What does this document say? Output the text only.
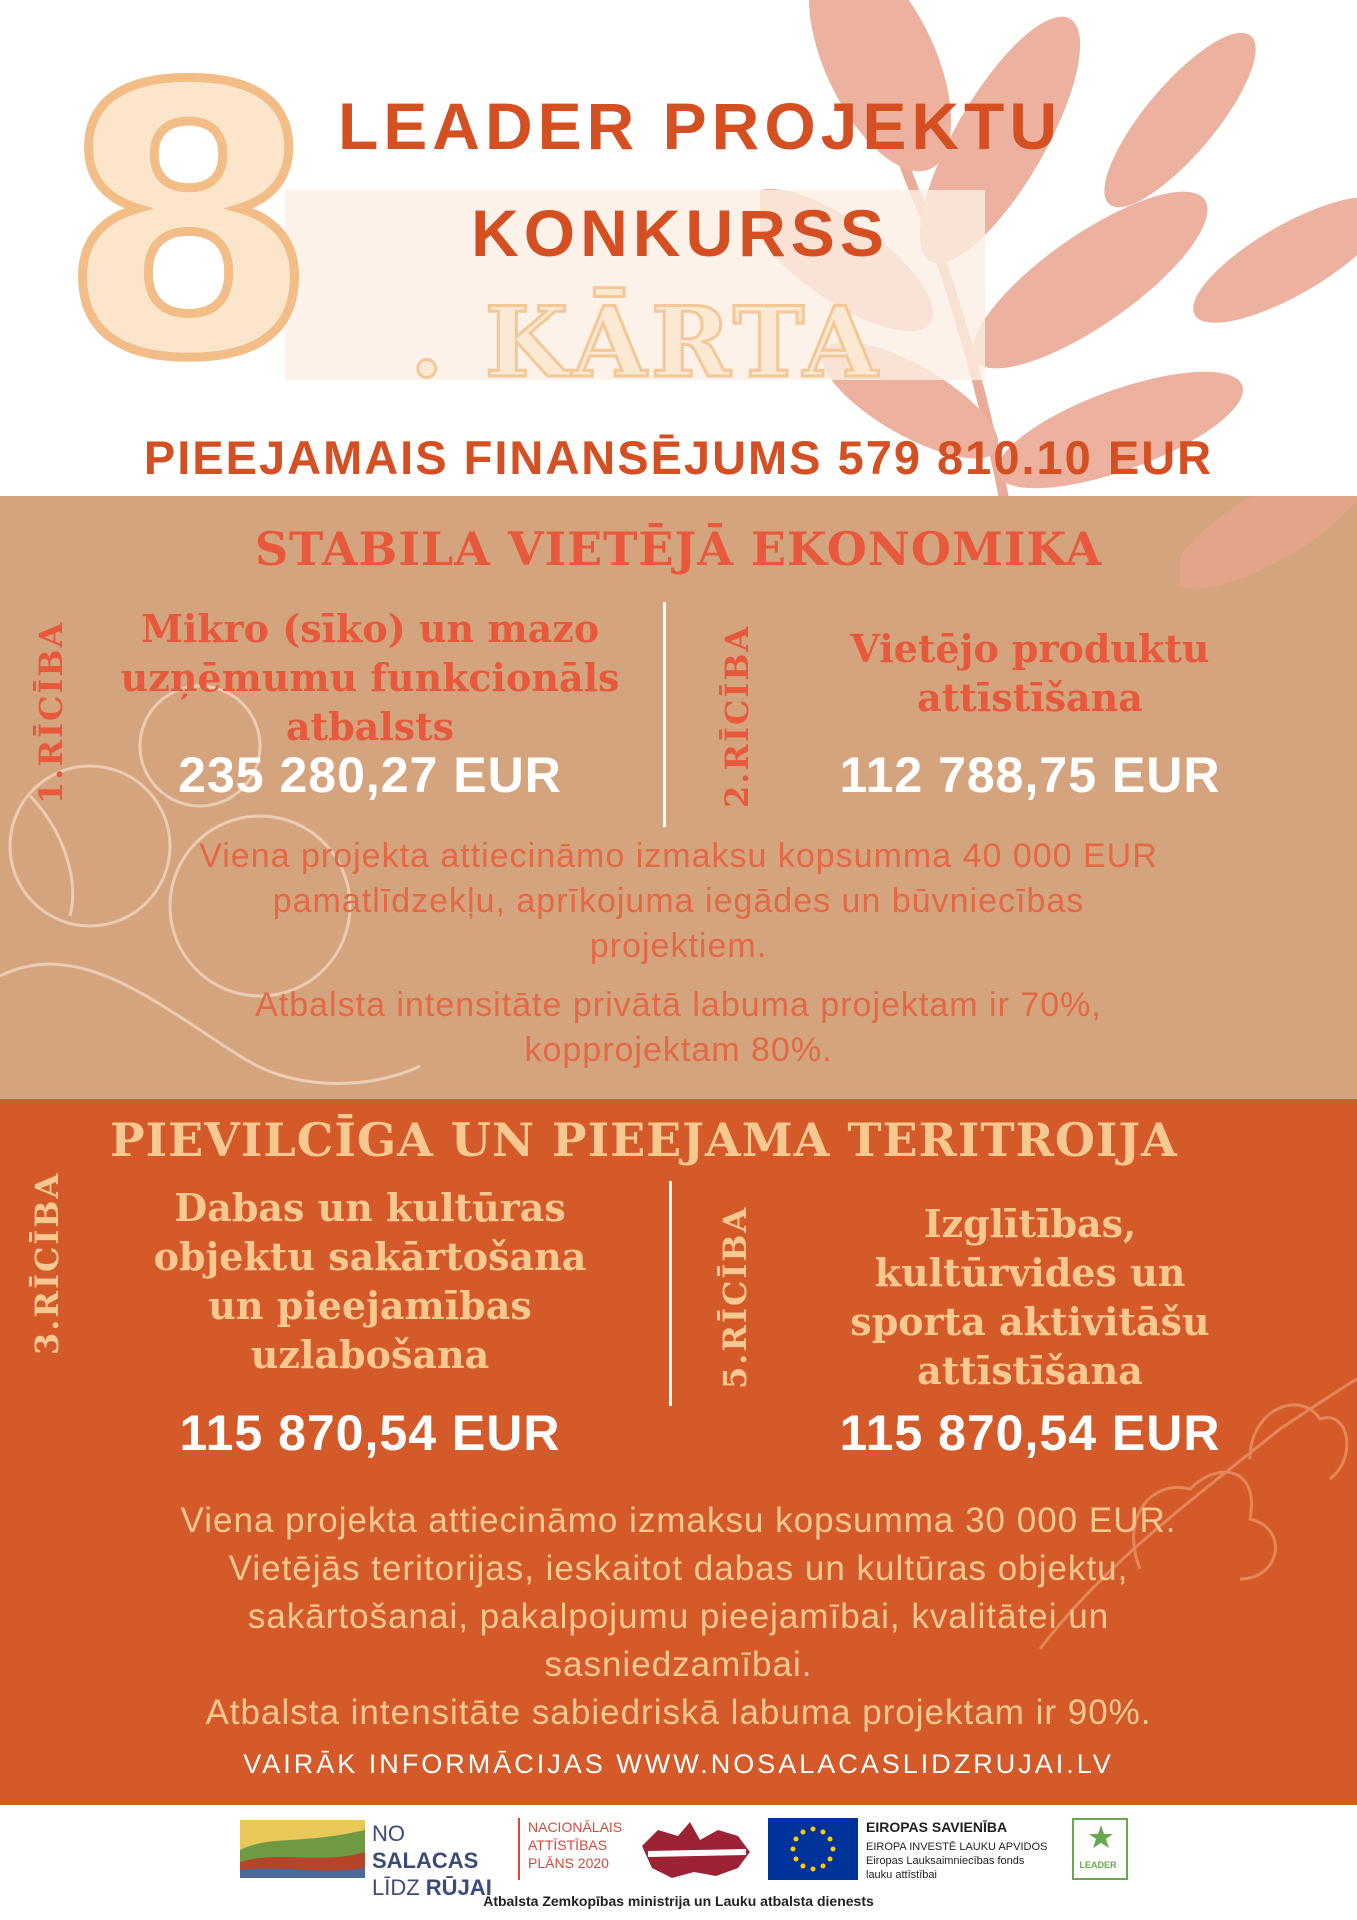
8 . KĀRTA
LEADER PROJEKTU
KONKURSS
PIEEJAMAIS FINANSĒJUMS 579 810.10 EUR
STABILA VIETĒJĀ EKONOMIKA
1.RĪCĪBA	Mikro (sīko) un mazo
uzņēmumu funkcionāls
atbalsts
235 280,27 EUR	2.RĪCĪBA	Vietējo produktu
attīstīšana
112 788,75 EUR
Viena projekta attiecināmo izmaksu kopsumma 40 000 EUR
pamatlīdzekļu, aprīkojuma iegādes un būvniecības
projektiem.
Atbalsta intensitāte privātā labuma projektam ir 70%,
kopprojektam 80%.
PIEVILCĪGA UN PIEEJAMA TERITROIJA
3.RĪCĪBA	Dabas un kultūras
objektu sakārtošana
un pieejamības
uzlabošana
115 870,54 EUR
5.RĪCĪBA	Izglītības,
kultūrvides un
sporta aktivitāšu
attīstīšana
115 870,54 EUR
Viena projekta attiecināmo izmaksu kopsumma 30 000 EUR.
Vietējās teritorijas, ieskaitot dabas un kultūras objektu,
sakārtošanai, pakalpojumu pieejamībai, kvalitātei un
sasniedzamībai.
Atbalsta intensitāte sabiedriskā labuma projektam ir 90%.
VAIRĀK INFORMĀCIJAS WWW.NOSALACASLIDZRUJAI.LV
NO SALACAS
LĪDZ RŪJAI
NACIONĀLAIS
ATTĪSTĪBAS
PLĀNS 2020
EIROPAS SAVIENĪBA
EIROPA INVESTĒ LAUKU APVIDOS
Eiropas Lauksaimniecības fonds
lauku attīstībai
LEADER
Atbalsta Zemkopības ministrija un Lauku atbalsta dienests
